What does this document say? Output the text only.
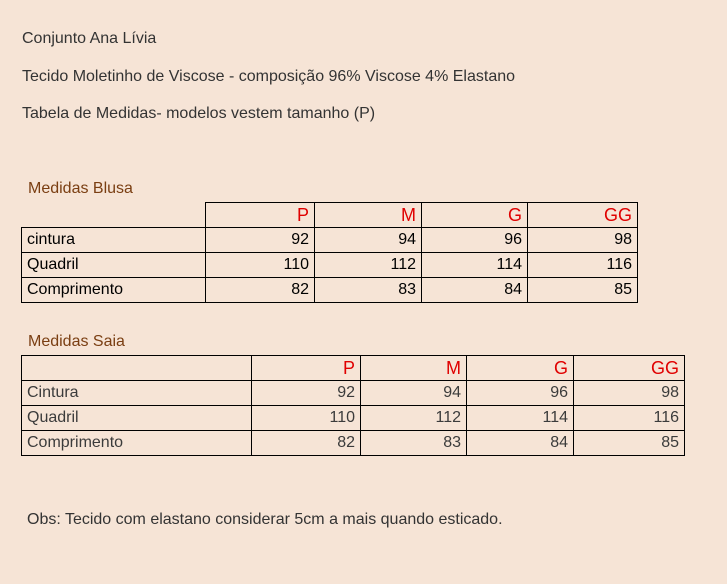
Conjunto Ana Lívia
Tecido Moletinho de Viscose - composição 96% Viscose 4% Elastano
Tabela de Medidas- modelos vestem tamanho (P)
Medidas Blusa
	P	M	G	GG
cintura	92	94	96	98
Quadril	110	112	114	116
Comprimento	82	83	84	85
Medidas Saia
	P	M	G	GG
Cintura	92	94	96	98
Quadril	110	112	114	116
Comprimento	82	83	84	85
Obs: Tecido com elastano considerar 5cm a mais quando esticado.
